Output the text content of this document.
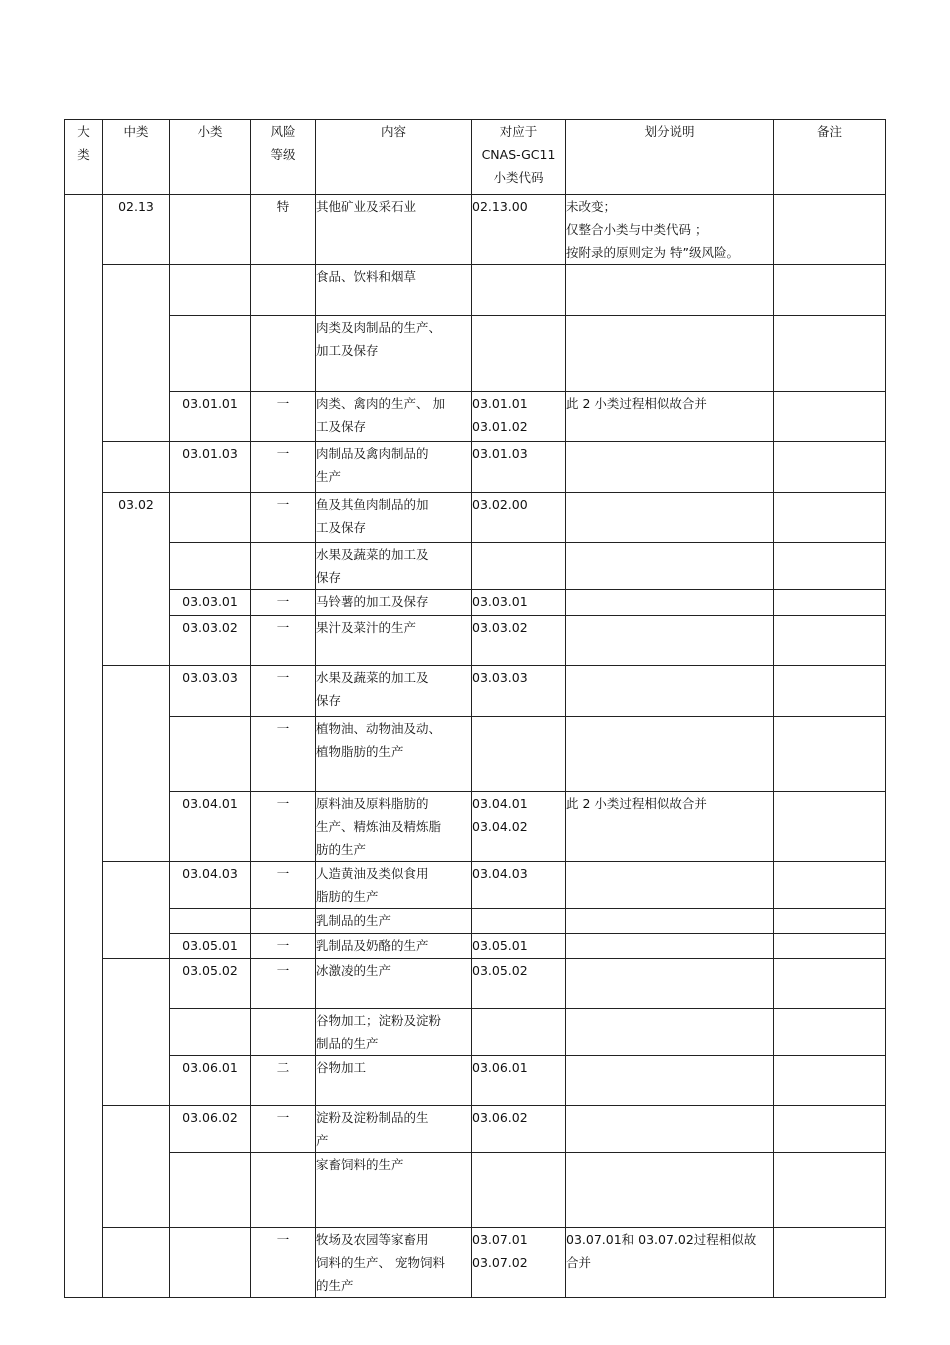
大
类	中类	小类	风险
等级	内容	对应于
CNAS-GC11
小类代码	划分说明	备注
	02.13		特	其他矿业及采石业	02.13.00	未改变；
仅整合小类与中类代码 ；
按附录的原则定为 特”级风险。	

				食品、饮料和烟草			

				肉类及肉制品的生产、
加工及保存			

		03.01.01	一	肉类、禽肉的生产、 加
工及保存	03.01.01
03.01.02	此 2 小类过程相似故合并	

		03.01.03	一	肉制品及禽肉制品的
生产	03.01.03		

	03.02		一	鱼及其鱼肉制品的加
工及保存	03.02.00		

				水果及蔬菜的加工及
保存			

		03.03.01	一	马铃薯的加工及保存	03.03.01		

		03.03.02	一	果汁及菜汁的生产	03.03.02		

		03.03.03	一	水果及蔬菜的加工及
保存	03.03.03		

			一	植物油、动物油及动、
植物脂肪的生产			

		03.04.01	一	原料油及原料脂肪的
生产、精炼油及精炼脂
肪的生产	03.04.01
03.04.02	此 2 小类过程相似故合并	

		03.04.03	一	人造黄油及类似食用
脂肪的生产	03.04.03		

				乳制品的生产			

		03.05.01	一	乳制品及奶酪的生产	03.05.01		

		03.05.02	一	冰激凌的生产	03.05.02		

				谷物加工；淀粉及淀粉
制品的生产			

		03.06.01	二	谷物加工	03.06.01		

		03.06.02	一	淀粉及淀粉制品的生
产	03.06.02		

				家畜饲料的生产			

			一	牧场及农园等家畜用
饲料的生产、 宠物饲料
的生产	03.07.01
03.07.02	03.07.01和 03.07.02过程相似故
合并	
